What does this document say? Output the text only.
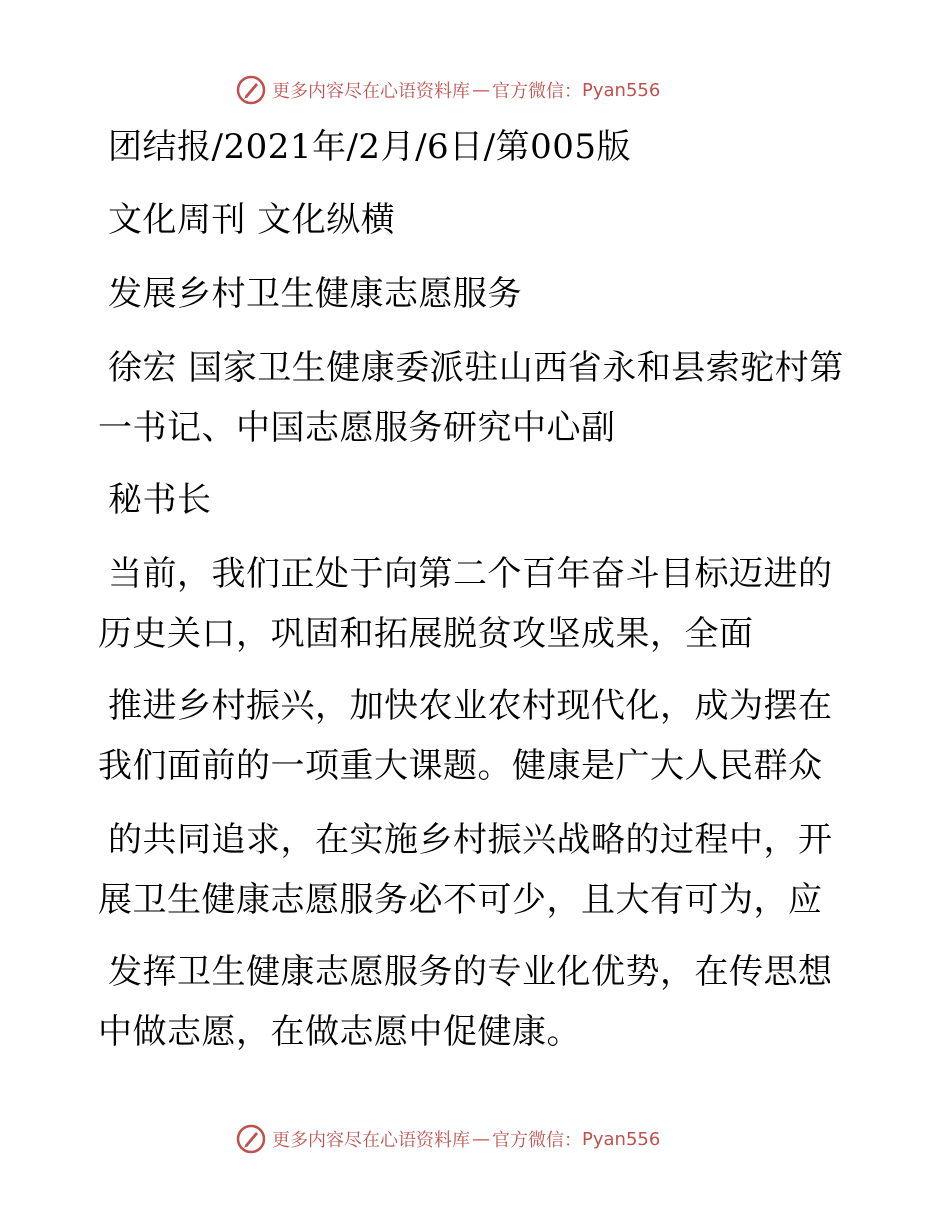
更多内容尽在心语资料库 — 官方微信： Pyan556
团结报/2021年/2月/6日/第005版
文化周刊 文化纵横
发展乡村卫生健康志愿服务
徐宏 国家卫生健康委派驻山西省永和县索驼村第
一书记、中国志愿服务研究中心副
秘书长
当前，我们正处于向第二个百年奋斗目标迈进的
历史关口，巩固和拓展脱贫攻坚成果，全面
推进乡村振兴，加快农业农村现代化，成为摆在
我们面前的一项重大课题。健康是广大人民群众
的共同追求，在实施乡村振兴战略的过程中，开
展卫生健康志愿服务必不可少，且大有可为，应
发挥卫生健康志愿服务的专业化优势，在传思想
中做志愿，在做志愿中促健康。
更多内容尽在心语资料库 — 官方微信： Pyan556
